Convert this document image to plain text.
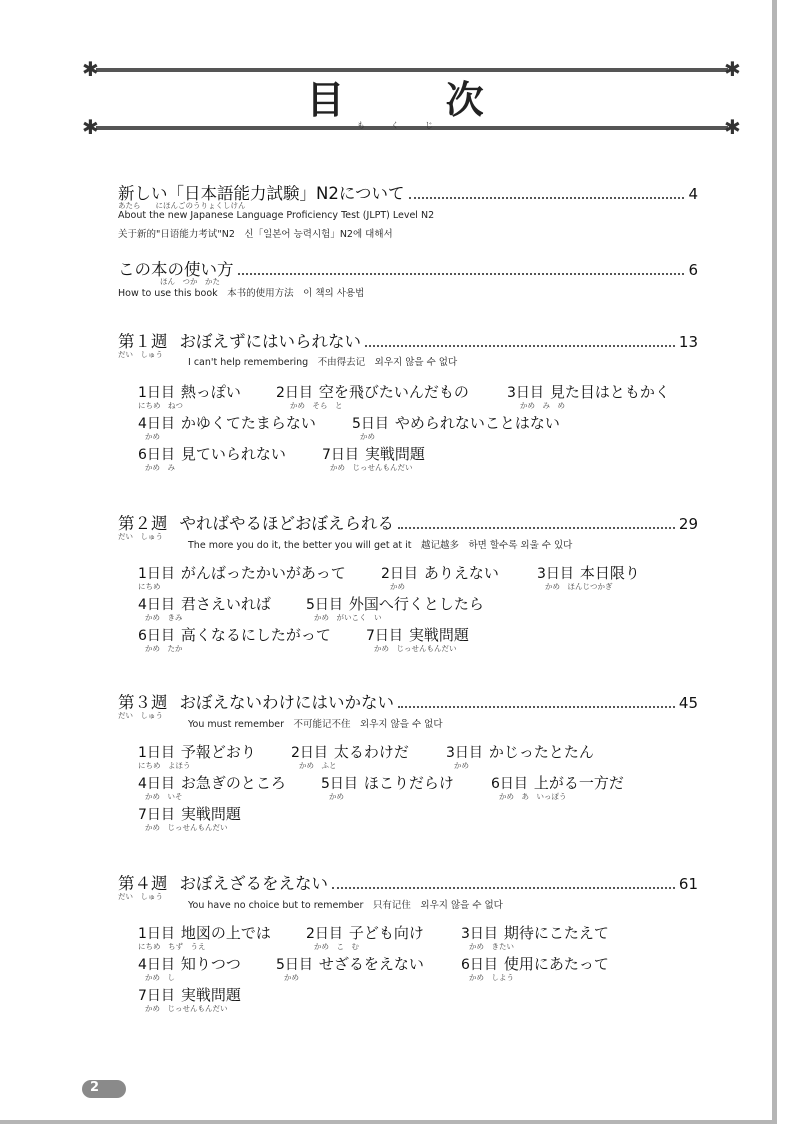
✱	✱
✱	✱
目 次
もくじ
新しい「日本語能力試験」N2について	4
あたら　　にほんごのうりょくしけん
About the new Japanese Language Proficiency Test (JLPT) Level N2
关于新的"日语能力考试"N2　신「일본어 능력시험」N2에 대해서
この本の使い方	6
ほん　つか　かた
How to use this book　本书的使用方法　이 책의 사용법
第１週 おぼえずにはいられない	13
だい　しゅう
I can't help remembering　不由得去记　외우지 않을 수 없다
1日目 熱っぽい
にちめ　ねつ
2日目 空を飛びたいんだもの
かめ　そら　と
3日目 見た目はともかく
かめ　み　め
4日目 かゆくてたまらない
かめ
5日目 やめられないことはない
かめ
6日目 見ていられない
かめ　み
7日目 実戦問題
かめ　じっせんもんだい
第２週 やればやるほどおぼえられる	29
だい　しゅう
The more you do it, the better you will get at it　越记越多　하면 할수록 외울 수 있다
1日目 がんばったかいがあって
にちめ
2日目 ありえない
かめ
3日目 本日限り
かめ　ほんじつかぎ
4日目 君さえいれば
かめ　きみ
5日目 外国へ行くとしたら
かめ　がいこく　い
6日目 高くなるにしたがって
かめ　たか
7日目 実戦問題
かめ　じっせんもんだい
第３週 おぼえないわけにはいかない	45
だい　しゅう
You must remember　不可能记不住　외우지 않을 수 없다
1日目 予報どおり
にちめ　よほう
2日目 太るわけだ
かめ　ふと
3日目 かじったとたん
かめ
4日目 お急ぎのところ
かめ　いそ
5日目 ほこりだらけ
かめ
6日目 上がる一方だ
かめ　あ　いっぽう
7日目 実戦問題
かめ　じっせんもんだい
第４週 おぼえざるをえない	61
だい　しゅう
You have no choice but to remember　只有记住　외우지 않을 수 없다
1日目 地図の上では
にちめ　ちず　うえ
2日目 子ども向け
かめ　こ　む
3日目 期待にこたえて
かめ　きたい
4日目 知りつつ
かめ　し
5日目 せざるをえない
かめ
6日目 使用にあたって
かめ　しよう
7日目 実戦問題
かめ　じっせんもんだい
2
